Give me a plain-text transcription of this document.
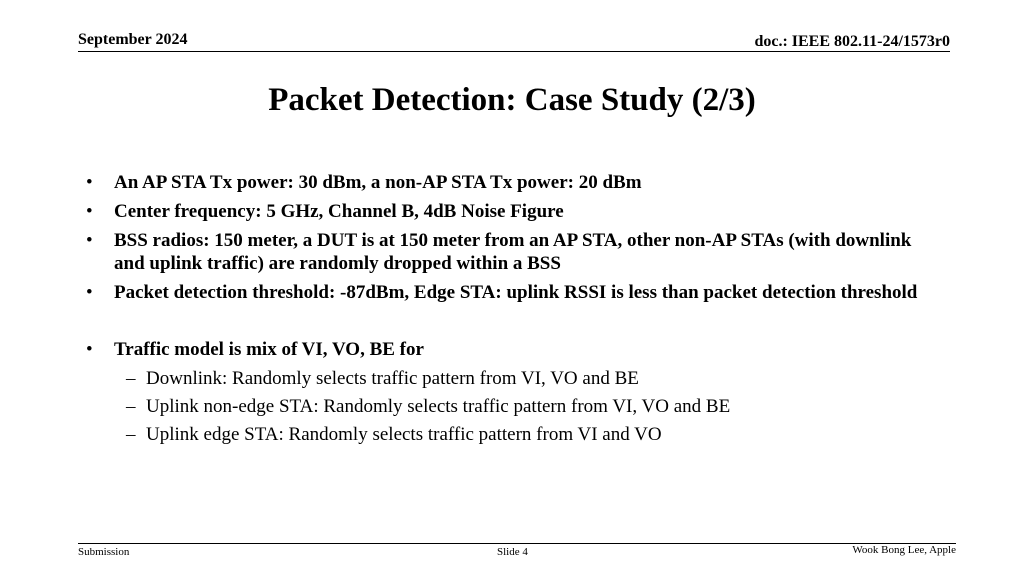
September 2024	doc.: IEEE 802.11-24/1573r0
Packet Detection: Case Study (2/3)
•	An AP STA Tx power: 30 dBm, a non-AP STA Tx power: 20 dBm
•	Center frequency: 5 GHz, Channel B, 4dB Noise Figure
•	BSS radios: 150 meter, a DUT is at 150 meter from an AP STA, other non-AP STAs (with downlink and uplink traffic) are randomly dropped within a BSS
•	Packet detection threshold: -87dBm, Edge STA: uplink RSSI is less than packet detection threshold
•	Traffic model is mix of VI, VO, BE for
– Downlink: Randomly selects traffic pattern from VI, VO and BE
– Uplink non-edge STA: Randomly selects traffic pattern from VI, VO and BE
– Uplink edge STA: Randomly selects traffic pattern from VI and VO
Submission	Slide 4	Wook Bong Lee, Apple
